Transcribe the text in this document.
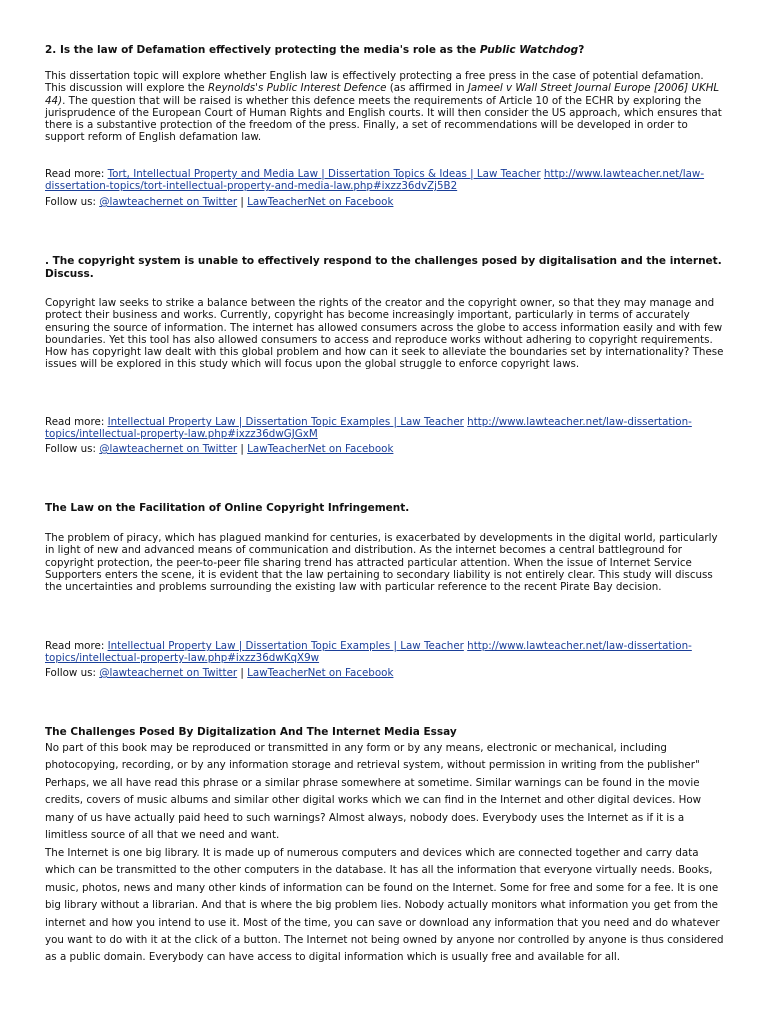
2. Is the law of Defamation effectively protecting the media's role as the Public Watchdog?
This dissertation topic will explore whether English law is effectively protecting a free press in the case of potential defamation. This discussion will explore the Reynolds's Public Interest Defence (as affirmed in Jameel v Wall Street Journal Europe [2006] UKHL 44). The question that will be raised is whether this defence meets the requirements of Article 10 of the ECHR by exploring the jurisprudence of the European Court of Human Rights and English courts. It will then consider the US approach, which ensures that there is a substantive protection of the freedom of the press. Finally, a set of recommendations will be developed in order to support reform of English defamation law.
Read more: Tort, Intellectual Property and Media Law | Dissertation Topics & Ideas | Law Teacher http://www.lawteacher.net/law-dissertation-topics/tort-intellectual-property-and-media-law.php#ixzz36dvZj5B2
Follow us: @lawteachernet on Twitter | LawTeacherNet on Facebook
. The copyright system is unable to effectively respond to the challenges posed by digitalisation and the internet. Discuss.
Copyright law seeks to strike a balance between the rights of the creator and the copyright owner, so that they may manage and protect their business and works. Currently, copyright has become increasingly important, particularly in terms of accurately ensuring the source of information. The internet has allowed consumers across the globe to access information easily and with few boundaries. Yet this tool has also allowed consumers to access and reproduce works without adhering to copyright requirements. How has copyright law dealt with this global problem and how can it seek to alleviate the boundaries set by internationality? These issues will be explored in this study which will focus upon the global struggle to enforce copyright laws.
Read more: Intellectual Property Law | Dissertation Topic Examples | Law Teacher http://www.lawteacher.net/law-dissertation-topics/intellectual-property-law.php#ixzz36dwGJGxM
Follow us: @lawteachernet on Twitter | LawTeacherNet on Facebook
The Law on the Facilitation of Online Copyright Infringement.
The problem of piracy, which has plagued mankind for centuries, is exacerbated by developments in the digital world, particularly in light of new and advanced means of communication and distribution. As the internet becomes a central battleground for copyright protection, the peer-to-peer file sharing trend has attracted particular attention. When the issue of Internet Service Supporters enters the scene, it is evident that the law pertaining to secondary liability is not entirely clear. This study will discuss the uncertainties and problems surrounding the existing law with particular reference to the recent Pirate Bay decision.
Read more: Intellectual Property Law | Dissertation Topic Examples | Law Teacher http://www.lawteacher.net/law-dissertation-topics/intellectual-property-law.php#ixzz36dwKqX9w
Follow us: @lawteachernet on Twitter | LawTeacherNet on Facebook
The Challenges Posed By Digitalization And The Internet Media Essay
No part of this book may be reproduced or transmitted in any form or by any means, electronic or mechanical, including photocopying, recording, or by any information storage and retrieval system, without permission in writing from the publisher" Perhaps, we all have read this phrase or a similar phrase somewhere at sometime. Similar warnings can be found in the movie credits, covers of music albums and similar other digital works which we can find in the Internet and other digital devices. How many of us have actually paid heed to such warnings? Almost always, nobody does. Everybody uses the Internet as if it is a limitless source of all that we need and want.
The Internet is one big library. It is made up of numerous computers and devices which are connected together and carry data which can be transmitted to the other computers in the database. It has all the information that everyone virtually needs. Books, music, photos, news and many other kinds of information can be found on the Internet. Some for free and some for a fee. It is one big library without a librarian. And that is where the big problem lies. Nobody actually monitors what information you get from the internet and how you intend to use it. Most of the time, you can save or download any information that you need and do whatever you want to do with it at the click of a button. The Internet not being owned by anyone nor controlled by anyone is thus considered as a public domain. Everybody can have access to digital information which is usually free and available for all.
